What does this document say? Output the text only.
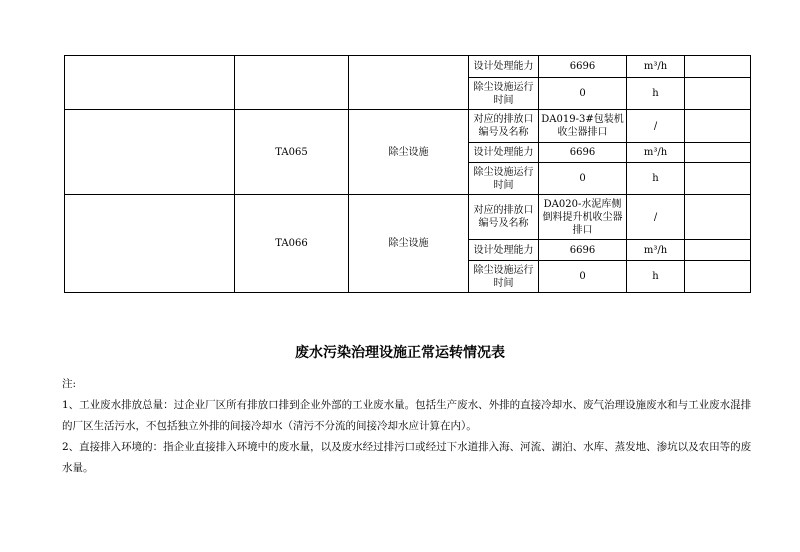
			设计处理能力	6696	m³/h	
			除尘设施运行时间	0	h	
	TA065	除尘设施	对应的排放口编号及名称	DA019-3#包装机收尘器排口	/	
			设计处理能力	6696	m³/h	
			除尘设施运行时间	0	h	
	TA066	除尘设施	对应的排放口编号及名称	DA020-水泥库侧倒料提升机收尘器排口	/	
			设计处理能力	6696	m³/h	
			除尘设施运行时间	0	h	
废水污染治理设施正常运转情况表

注:

1、工业废水排放总量：过企业厂区所有排放口排到企业外部的工业废水量。包括生产废水、外排的直接冷却水、废气治理设施废水和与工业废水混排的厂区生活污水，不包括独立外排的间接冷却水（清污不分流的间接冷却水应计算在内）。

2、直接排入环境的：指企业直接排入环境中的废水量，以及废水经过排污口或经过下水道排入海、河流、湖泊、水库、蒸发地、渗坑以及农田等的废水量。
